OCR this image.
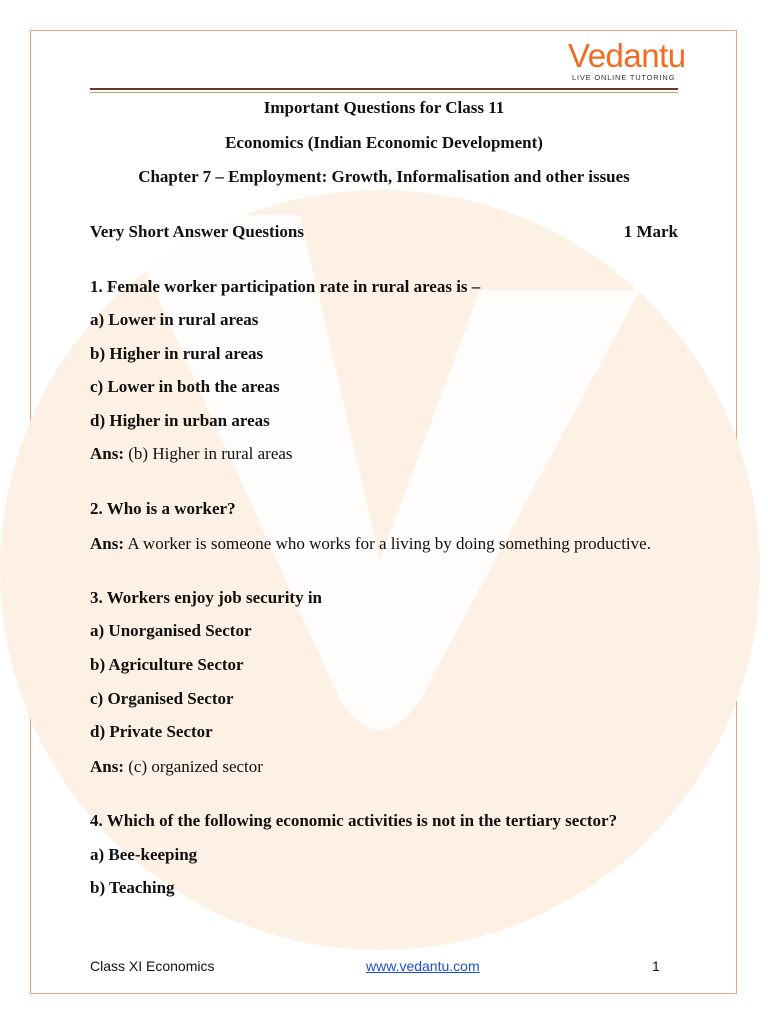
Vedantu
LIVE ONLINE TUTORING
Important Questions for Class 11
Economics (Indian Economic Development)
Chapter 7 – Employment: Growth, Informalisation and other issues
Very Short Answer Questions	1 Mark
1. Female worker participation rate in rural areas is –
a) Lower in rural areas
b) Higher in rural areas
c) Lower in both the areas
d) Higher in urban areas
Ans: (b) Higher in rural areas
2. Who is a worker?
Ans: A worker is someone who works for a living by doing something productive.
3. Workers enjoy job security in
a) Unorganised Sector
b) Agriculture Sector
c) Organised Sector
d) Private Sector
Ans: (c) organized sector
4. Which of the following economic activities is not in the tertiary sector?
a) Bee-keeping
b) Teaching
Class XI Economics	www.vedantu.com	1
